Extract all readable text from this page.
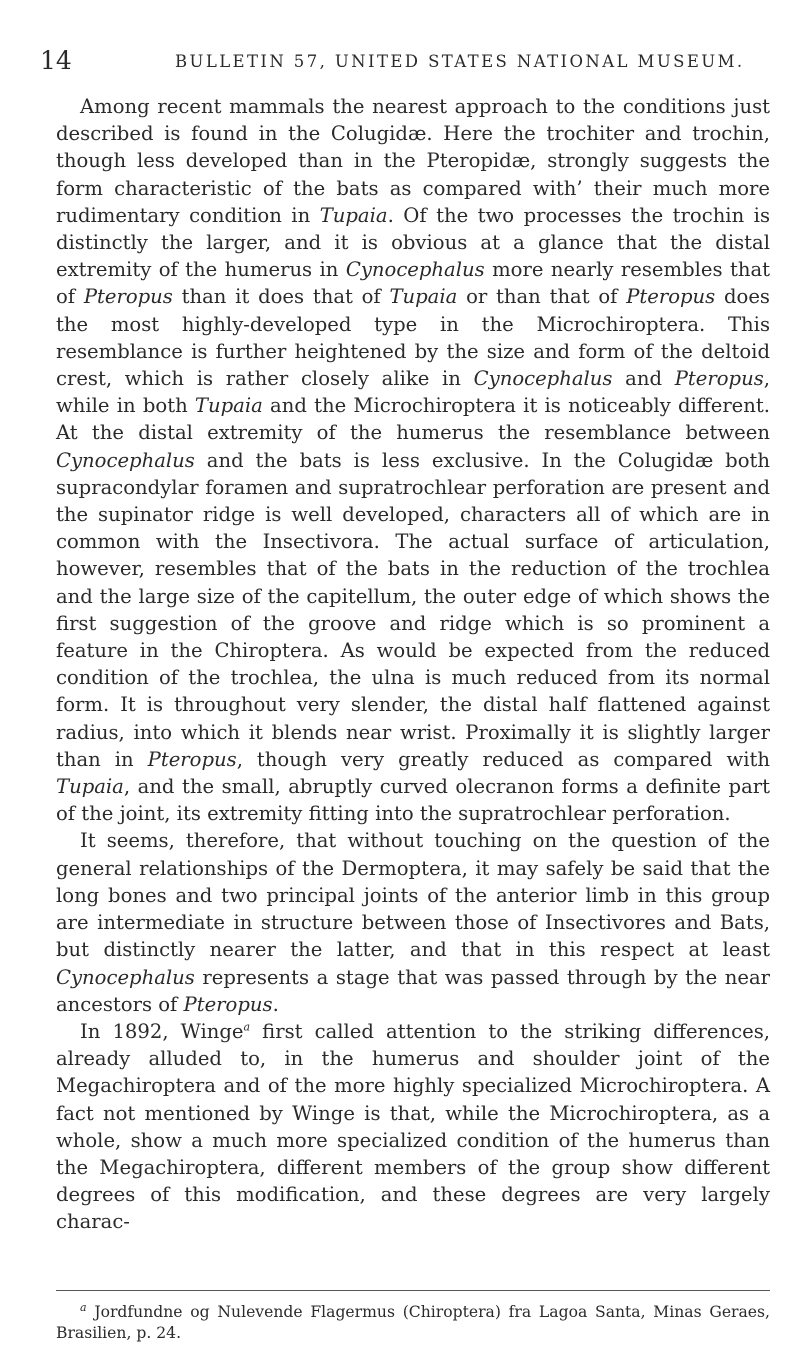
14	BULLETIN 57, UNITED STATES NATIONAL MUSEUM.

Among recent mammals the nearest approach to the conditions just described is found in the Colugidæ. Here the trochiter and trochin, though less developed than in the Pteropidæ, strongly suggests the form characteristic of the bats as compared with’ their much more rudimentary condition in Tupaia. Of the two processes the trochin is distinctly the larger, and it is obvious at a glance that the distal extremity of the humerus in Cynocephalus more nearly resembles that of Pteropus than it does that of Tupaia or than that of Pteropus does the most highly-developed type in the Microchiroptera. This resemblance is further heightened by the size and form of the deltoid crest, which is rather closely alike in Cynocephalus and Pteropus, while in both Tupaia and the Microchiroptera it is noticeably different. At the distal extremity of the humerus the resemblance between Cynocephalus and the bats is less exclusive. In the Colugidæ both supracondylar foramen and supratrochlear perforation are present and the supinator ridge is well developed, characters all of which are in common with the Insectivora. The actual surface of articulation, however, resembles that of the bats in the reduction of the trochlea and the large size of the capitellum, the outer edge of which shows the first suggestion of the groove and ridge which is so prominent a feature in the Chiroptera. As would be expected from the reduced condition of the trochlea, the ulna is much reduced from its normal form. It is throughout very slender, the distal half flattened against radius, into which it blends near wrist. Proximally it is slightly larger than in Pteropus, though very greatly reduced as compared with Tupaia, and the small, abruptly curved olecranon forms a definite part of the joint, its extremity fitting into the supratrochlear perforation.

It seems, therefore, that without touching on the question of the general relationships of the Dermoptera, it may safely be said that the long bones and two principal joints of the anterior limb in this group are intermediate in structure between those of Insectivores and Bats, but distinctly nearer the latter, and that in this respect at least Cynocephalus represents a stage that was passed through by the near ancestors of Pteropus.

In 1892, Winge$^a$ first called attention to the striking differences, already alluded to, in the humerus and shoulder joint of the Megachiroptera and of the more highly specialized Microchiroptera. A fact not mentioned by Winge is that, while the Microchiroptera, as a whole, show a much more specialized condition of the humerus than the Megachiroptera, different members of the group show different degrees of this modification, and these degrees are very largely charac-

$^a$ Jordfundne og Nulevende Flagermus (Chiroptera) fra Lagoa Santa, Minas Geraes, Brasilien, p. 24.
